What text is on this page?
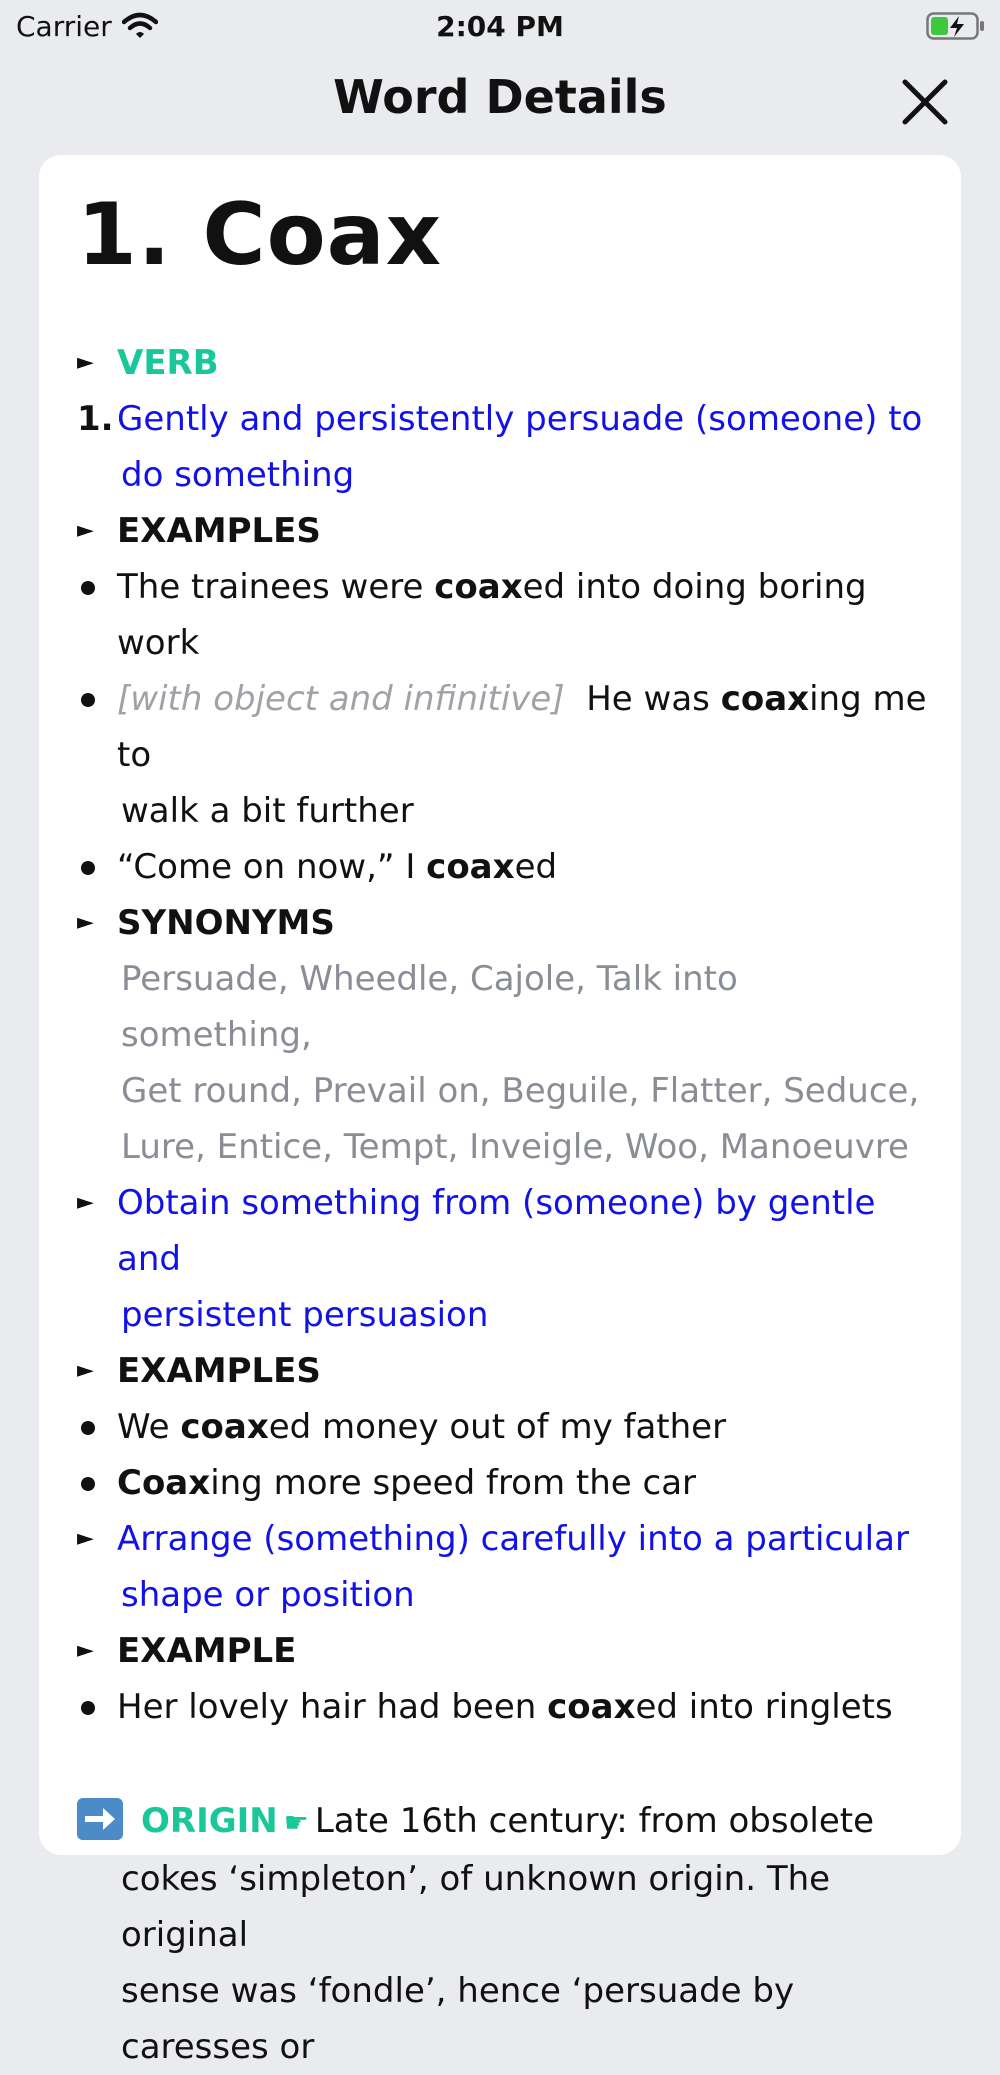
Carrier	2:04 PM
Word Details
1. Coax
► VERB
1. Gently and persistently persuade (someone) to
do something
► EXAMPLES
The trainees were coaxed into doing boring work
[with object and infinitive] He was coaxing me to
walk a bit further
“Come on now,” I coaxed
► SYNONYMS
Persuade, Wheedle, Cajole, Talk into something,
Get round, Prevail on, Beguile, Flatter, Seduce,
Lure, Entice, Tempt, Inveigle, Woo, Manoeuvre
► Obtain something from (someone) by gentle and
persistent persuasion
► EXAMPLES
We coaxed money out of my father
Coaxing more speed from the car
► Arrange (something) carefully into a particular
shape or position
► EXAMPLE
Her lovely hair had been coaxed into ringlets
ORIGIN ☛ Late 16th century: from obsolete
cokes ‘simpleton’, of unknown origin. The original
sense was ‘fondle’, hence ‘persuade by caresses or
